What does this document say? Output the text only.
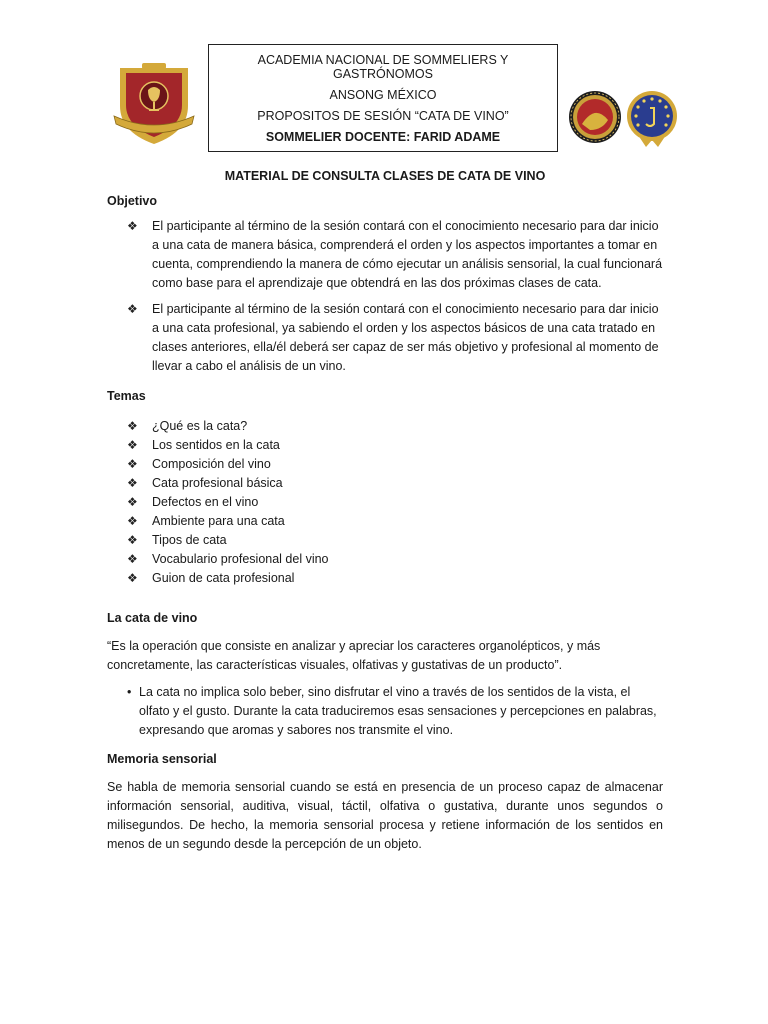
ACADEMIA NACIONAL DE SOMMELIERS Y GASTRÓNOMOS
ANSONG MÉXICO
PROPOSITOS DE SESIÓN “CATA DE VINO”
SOMMELIER DOCENTE: FARID ADAME

MATERIAL DE CONSULTA CLASES DE CATA DE VINO

Objetivo

❖ El participante al término de la sesión contará con el conocimiento necesario para dar inicio a una cata de manera básica, comprenderá el orden y los aspectos importantes a tomar en cuenta, comprendiendo la manera de cómo ejecutar un análisis sensorial, la cual funcionará como base para el aprendizaje que obtendrá en las dos próximas clases de cata.
❖ El participante al término de la sesión contará con el conocimiento necesario para dar inicio a una cata profesional, ya sabiendo el orden y los aspectos básicos de una cata tratado en clases anteriores, ella/él deberá ser capaz de ser más objetivo y profesional al momento de llevar a cabo el análisis de un vino.

Temas

❖ ¿Qué es la cata?
❖ Los sentidos en la cata
❖ Composición del vino
❖ Cata profesional básica
❖ Defectos en el vino
❖ Ambiente para una cata
❖ Tipos de cata
❖ Vocabulario profesional del vino
❖ Guion de cata profesional

La cata de vino

“Es la operación que consiste en analizar y apreciar los caracteres organolépticos, y más concretamente, las características visuales, olfativas y gustativas de un producto”.

• La cata no implica solo beber, sino disfrutar el vino a través de los sentidos de la vista, el olfato y el gusto. Durante la cata traduciremos esas sensaciones y percepciones en palabras, expresando que aromas y sabores nos transmite el vino.

Memoria sensorial

Se habla de memoria sensorial cuando se está en presencia de un proceso capaz de almacenar información sensorial, auditiva, visual, táctil, olfativa o gustativa, durante unos segundos o milisegundos. De hecho, la memoria sensorial procesa y retiene información de los sentidos en menos de un segundo desde la percepción de un objeto.
